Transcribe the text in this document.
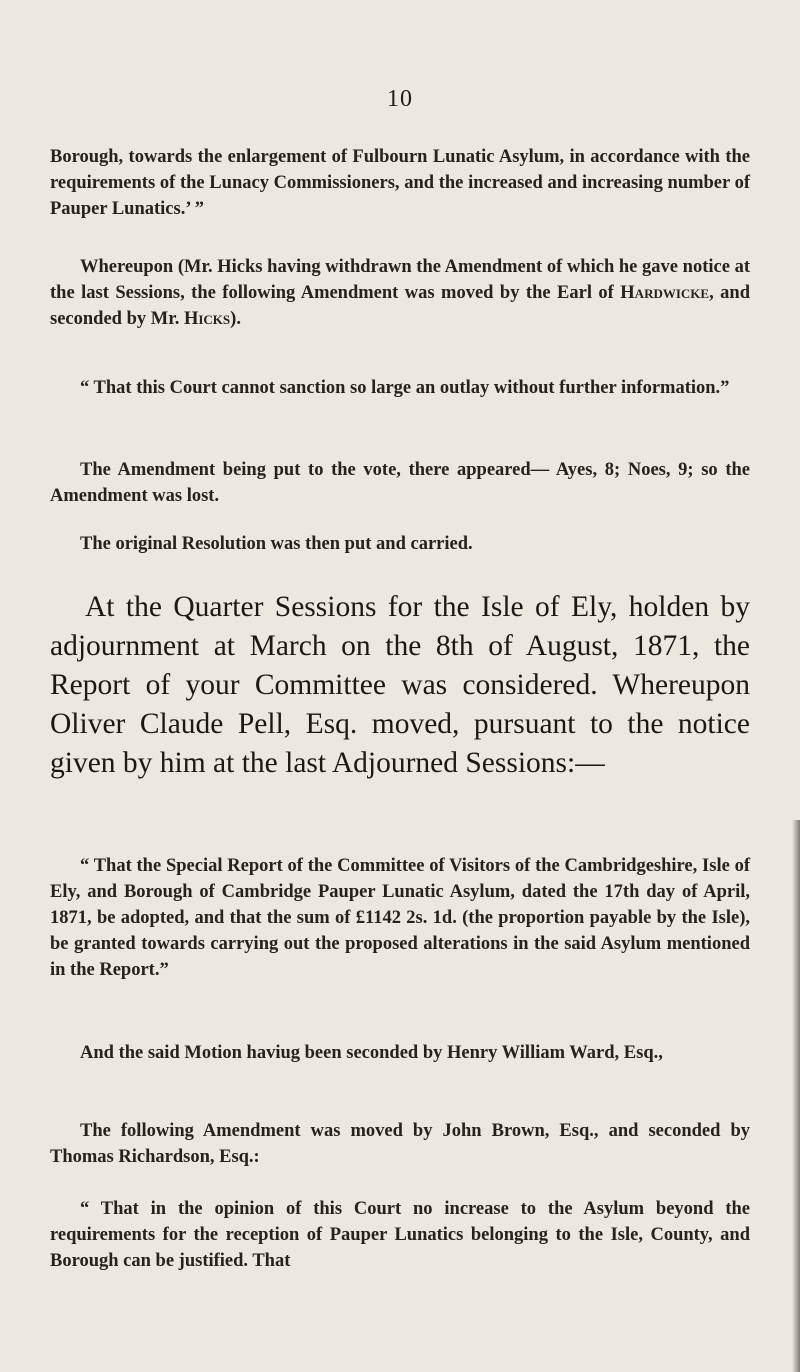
10
Borough, towards the enlargement of Fulbourn Lunatic Asylum, in accordance with the requirements of the Lunacy Commissioners, and the increased and increasing number of Pauper Lunatics.’ ”
Whereupon (Mr. Hicks having withdrawn the Amendment of which he gave notice at the last Sessions, the following Amendment was moved by the Earl of Hardwicke, and seconded by Mr. Hicks).
“ That this Court cannot sanction so large an outlay without further information.”
The Amendment being put to the vote, there appeared— Ayes, 8; Noes, 9; so the Amendment was lost.
The original Resolution was then put and carried.
At the Quarter Sessions for the Isle of Ely, holden by adjournment at March on the 8th of August, 1871, the Report of your Committee was considered. Whereupon Oliver Claude Pell, Esq. moved, pursuant to the notice given by him at the last Adjourned Sessions:—
“ That the Special Report of the Committee of Visitors of the Cambridgeshire, Isle of Ely, and Borough of Cambridge Pauper Lunatic Asylum, dated the 17th day of April, 1871, be adopted, and that the sum of £1142 2s. 1d. (the proportion payable by the Isle), be granted towards carrying out the proposed alterations in the said Asylum mentioned in the Report.”
And the said Motion haviug been seconded by Henry William Ward, Esq.,
The following Amendment was moved by John Brown, Esq., and seconded by Thomas Richardson, Esq.:
“ That in the opinion of this Court no increase to the Asylum beyond the requirements for the reception of Pauper Lunatics belonging to the Isle, County, and Borough can be justified. That
